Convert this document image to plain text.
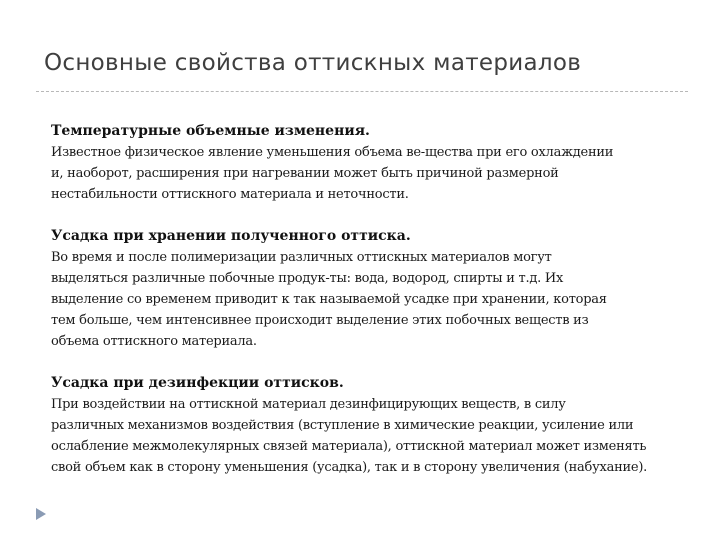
Основные свойства оттискных материалов
Температурные объемные изменения.
Известное физическое явление уменьшения объема ве-щества при его охлаждении
и, наоборот, расширения при нагревании может быть причиной размерной
нестабильности оттискного материала и неточности.
Усадка при хранении полученного оттиска.
Во время и после полимеризации различных оттискных материалов могут
выделяться различные побочные продук-ты: вода, водород, спирты и т.д. Их
выделение со временем приводит к так называемой усадке при хранении, которая
тем больше, чем интенсивнее происходит выделение этих побочных веществ из
объема оттискного материала.
Усадка при дезинфекции оттисков.
При воздействии на оттискной материал дезинфицирующих веществ, в силу
различных механизмов воздействия (вступление в химические реакции, усиление или
ослабление межмолекулярных связей материала), оттискной материал может изменять
свой объем как в сторону уменьшения (усадка), так и в сторону увеличения (набухание).
